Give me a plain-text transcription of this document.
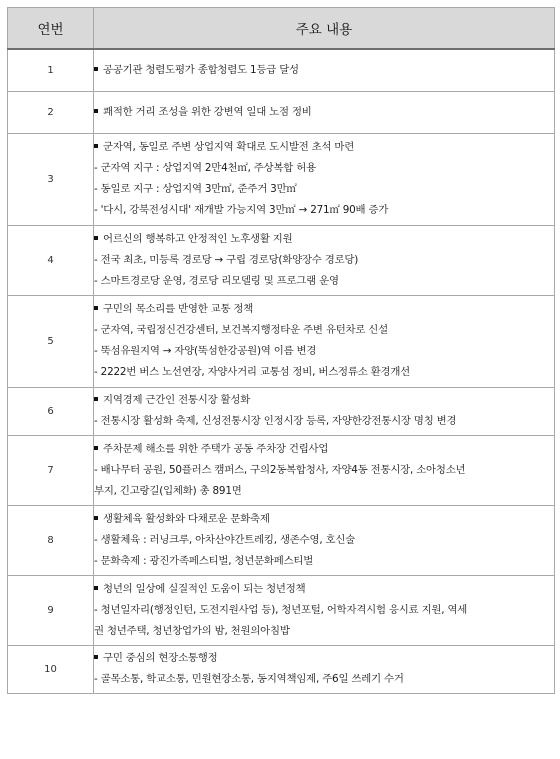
연번	주요 내용
1	공공기관 청렴도평가 종합청렴도 1등급 달성

2	쾌적한 거리 조성을 위한 강변역 일대 노점 정비

3	군자역, 동일로 주변 상업지역 확대로 도시발전 초석 마련
- 군자역 지구 : 상업지역 2만4천㎡, 주상복합 허용
- 동일로 지구 : 상업지역 3만㎡, 준주거 3만㎡
- '다시, 강북전성시대' 재개발 가능지역 3만㎡ → 271㎡ 90배 증가

4	어르신의 행복하고 안정적인 노후생활 지원
- 전국 최초, 미등록 경로당 → 구립 경로당(화양장수 경로당)
- 스마트경로당 운영, 경로당 리모델링 및 프로그램 운영

5	구민의 목소리를 반영한 교통 정책
- 군자역, 국립정신건강센터, 보건복지행정타운 주변 유턴차로 신설
- 뚝섬유원지역 → 자양(뚝섬한강공원)역 이름 변경
- 2222번 버스 노선연장, 자양사거리 교통섬 정비, 버스정류소 환경개선

6	지역경제 근간인 전통시장 활성화
- 전통시장 활성화 축제, 신성전통시장 인정시장 등록, 자양한강전통시장 명칭 변경

7	주차문제 해소를 위한 주택가 공동 주차장 건립사업
- 배나무터 공원, 50플러스 캠퍼스, 구의2동복합청사, 자양4동 전통시장, 소아청소년
부지, 긴고랑길(입체화) 총 891면

8	생활체육 활성화와 다채로운 문화축제
- 생활체육 : 러닝크루, 아차산야간트레킹, 생존수영, 호신술
- 문화축제 : 광진가족페스티벌, 청년문화페스티벌

9	청년의 일상에 실질적인 도움이 되는 청년정책
- 청년일자리(행정인턴, 도전지원사업 등), 청년포털, 어학자격시험 응시료 지원, 역세
권 청년주택, 청년창업가의 밤, 천원의아침밥

10	구민 중심의 현장소통행정
- 골목소통, 학교소통, 민원현장소통, 동지역책임제, 주6일 쓰레기 수거
